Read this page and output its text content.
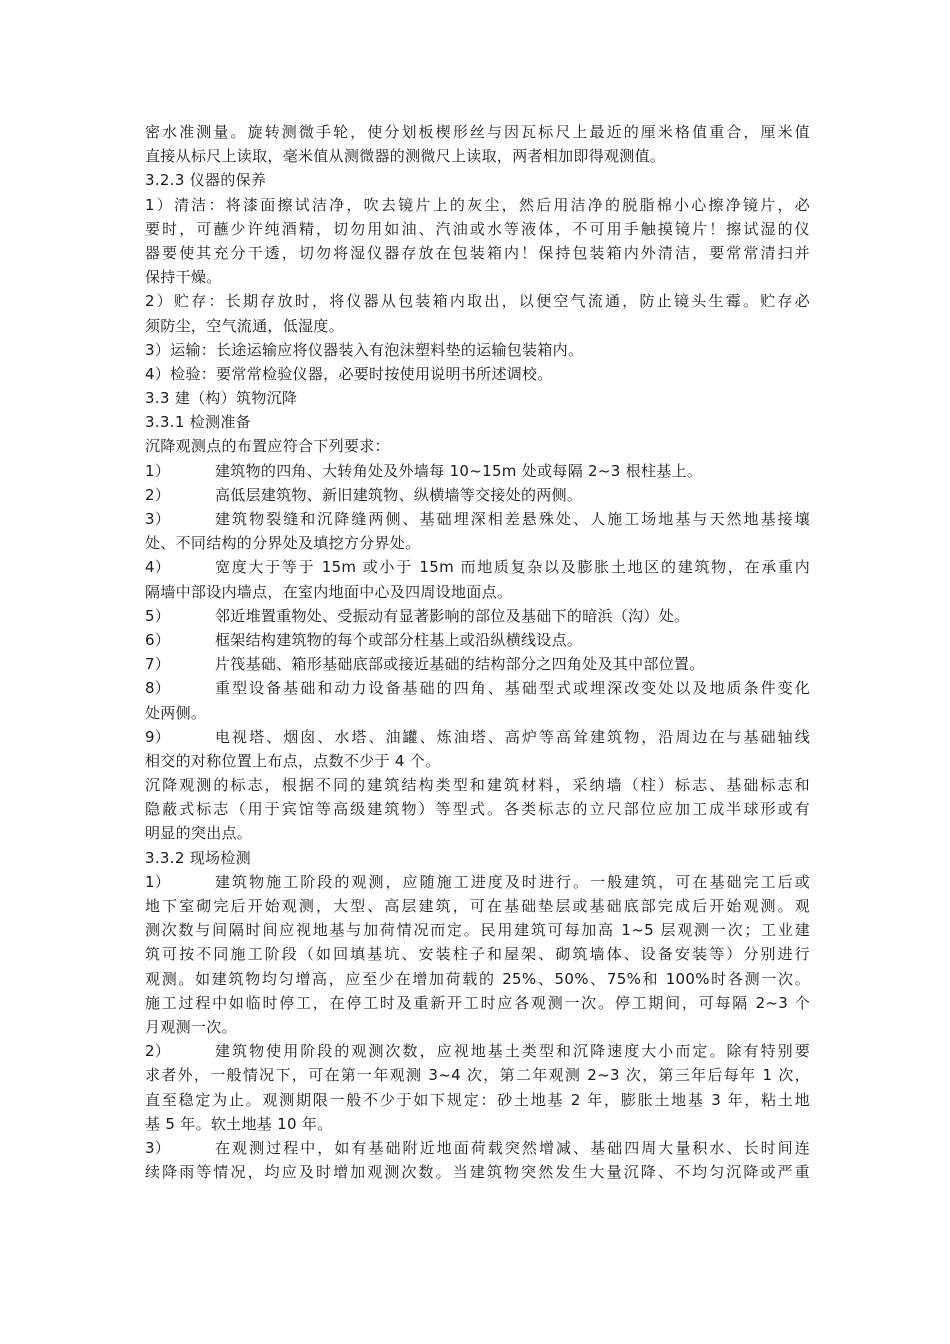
密水准测量。旋转测微手轮，使分划板楔形丝与因瓦标尺上最近的厘米格值重合，厘米值
直接从标尺上读取，毫米值从测微器的测微尺上读取，两者相加即得观测值。
3.2.3 仪器的保养
1）清洁：将漆面擦试洁净，吹去镜片上的灰尘，然后用洁净的脱脂棉小心擦净镜片，必
要时，可蘸少许纯酒精，切勿用如油、汽油或水等液体，不可用手触摸镜片！擦试湿的仪
器要使其充分干透，切勿将湿仪器存放在包装箱内！保持包装箱内外清洁，要常常清扫并
保持干燥。
2）贮存：长期存放时，将仪器从包装箱内取出，以便空气流通，防止镜头生霉。贮存必
须防尘，空气流通，低湿度。
3）运输：长途运输应将仪器装入有泡沫塑料垫的运输包装箱内。
4）检验：要常常检验仪器，必要时按使用说明书所述调校。
3.3 建（构）筑物沉降
3.3.1 检测准备
沉降观测点的布置应符合下列要求：
1）	建筑物的四角、大转角处及外墙每 10~15m 处或每隔 2~3 根柱基上。
2）	高低层建筑物、新旧建筑物、纵横墙等交接处的两侧。
3）	建筑物裂缝和沉降缝两侧、基础埋深相差悬殊处、人施工场地基与天然地基接壤
处、不同结构的分界处及填挖方分界处。
4）	宽度大于等于 15m 或小于 15m 而地质复杂以及膨胀土地区的建筑物，在承重内
隔墙中部设内墙点，在室内地面中心及四周设地面点。
5）	邻近堆置重物处、受振动有显著影响的部位及基础下的暗浜（沟）处。
6）	框架结构建筑物的每个或部分柱基上或沿纵横线设点。
7）	片筏基础、箱形基础底部或接近基础的结构部分之四角处及其中部位置。
8）	重型设备基础和动力设备基础的四角、基础型式或埋深改变处以及地质条件变化
处两侧。
9）	电视塔、烟囱、水塔、油罐、炼油塔、高炉等高耸建筑物，沿周边在与基础轴线
相交的对称位置上布点，点数不少于 4 个。
沉降观测的标志，根据不同的建筑结构类型和建筑材料，采纳墙（柱）标志、基础标志和
隐蔽式标志（用于宾馆等高级建筑物）等型式。各类标志的立尺部位应加工成半球形或有
明显的突出点。
3.3.2 现场检测
1）	建筑物施工阶段的观测，应随施工进度及时进行。一般建筑，可在基础完工后或
地下室砌完后开始观测，大型、高层建筑，可在基础垫层或基础底部完成后开始观测。观
测次数与间隔时间应视地基与加荷情况而定。民用建筑可每加高 1~5 层观测一次；工业建
筑可按不同施工阶段（如回填基坑、安装柱子和屋架、砌筑墙体、设备安装等）分别进行
观测。如建筑物均匀增高，应至少在增加荷载的 25%、50%、75%和 100%时各测一次。
施工过程中如临时停工，在停工时及重新开工时应各观测一次。停工期间，可每隔 2~3 个
月观测一次。
2）	建筑物使用阶段的观测次数，应视地基土类型和沉降速度大小而定。除有特别要
求者外，一般情况下，可在第一年观测 3~4 次，第二年观测 2~3 次，第三年后每年 1 次，
直至稳定为止。观测期限一般不少于如下规定：砂土地基 2 年，膨胀土地基 3 年，粘土地
基 5 年。软土地基 10 年。
3）	在观测过程中，如有基础附近地面荷载突然增减、基础四周大量积水、长时间连
续降雨等情况，均应及时增加观测次数。当建筑物突然发生大量沉降、不均匀沉降或严重
